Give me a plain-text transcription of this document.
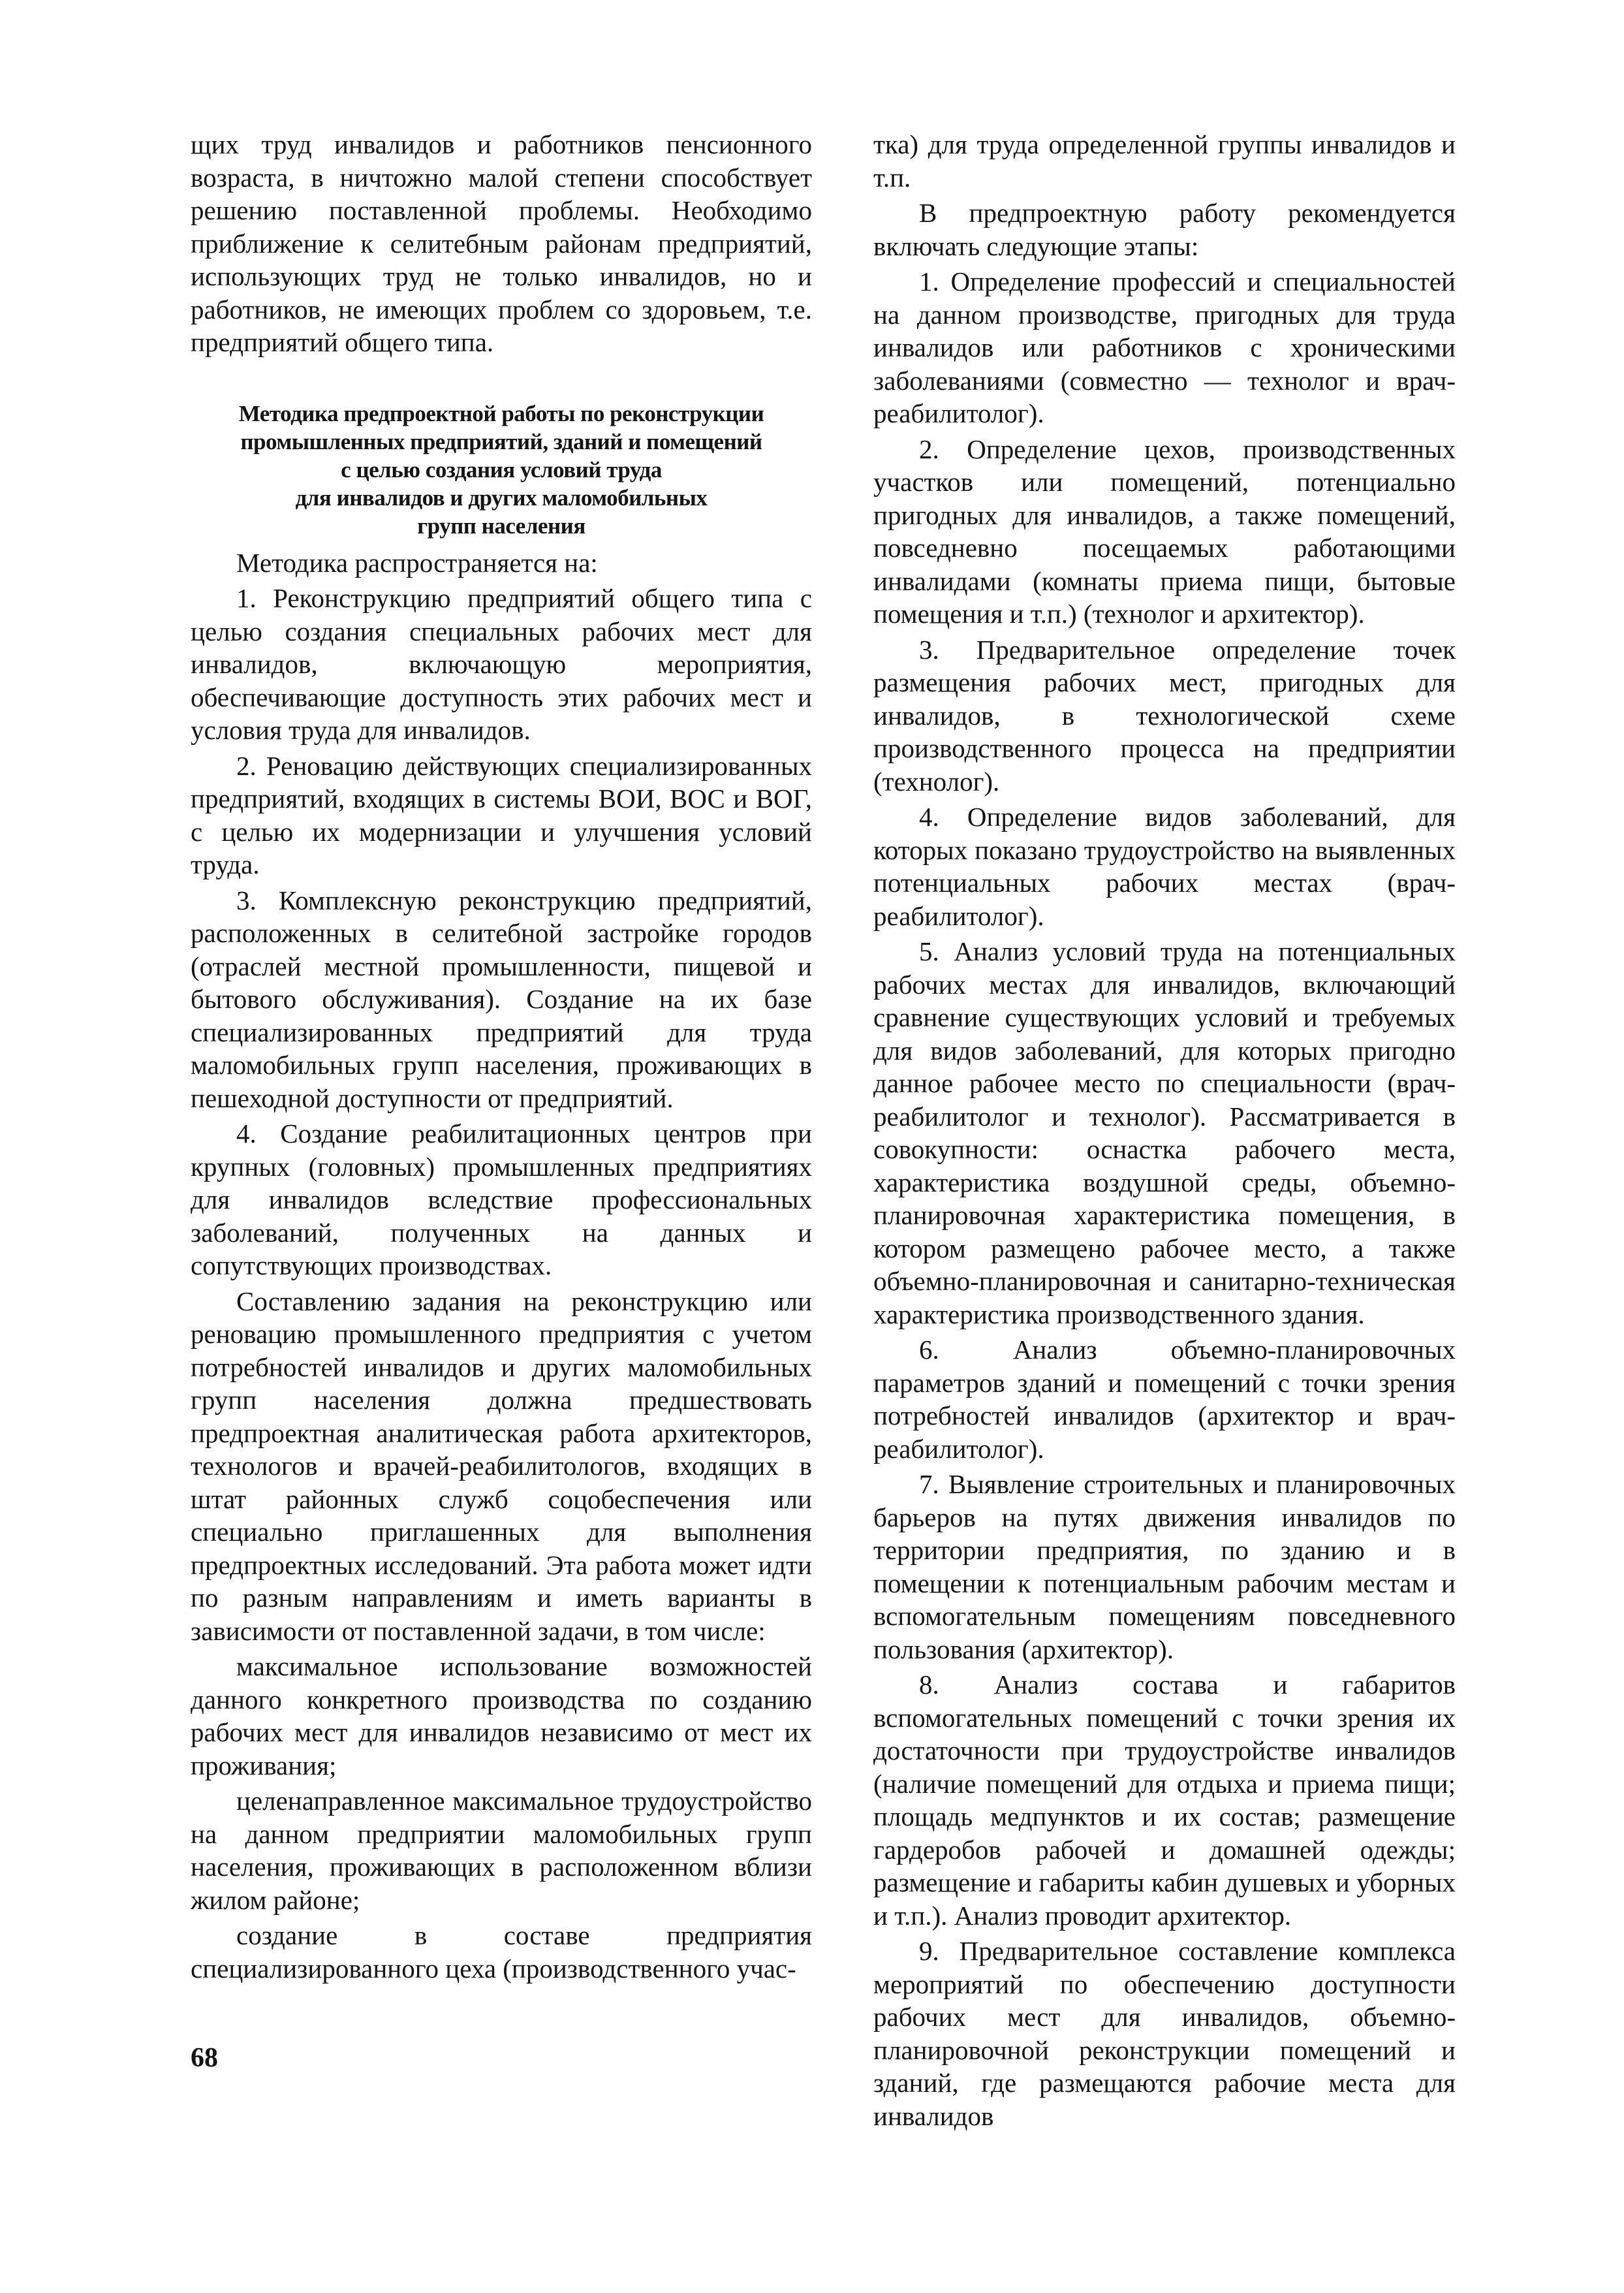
щих труд инвалидов и работников пенсионного возраста, в ничтожно малой степени способствует решению поставленной проблемы. Необходимо приближение к селитебным районам предприятий, использующих труд не только инвалидов, но и работников, не имеющих проблем со здоровьем, т.е. предприятий общего типа.

Методика предпроектной работы по реконструкции
промышленных предприятий, зданий и помещений
с целью создания условий труда
для инвалидов и других маломобильных
групп населения

Методика распространяется на:

1. Реконструкцию предприятий общего типа с целью создания специальных рабочих мест для инвалидов, включающую мероприятия, обеспечивающие доступность этих рабочих мест и условия труда для инвалидов.

2. Реновацию действующих специализированных предприятий, входящих в системы ВОИ, ВОС и ВОГ, с целью их модернизации и улучшения условий труда.

3. Комплексную реконструкцию предприятий, расположенных в селитебной застройке городов (отраслей местной промышленности, пищевой и бытового обслуживания). Создание на их базе специализированных предприятий для труда маломобильных групп населения, проживающих в пешеходной доступности от предприятий.

4. Создание реабилитационных центров при крупных (головных) промышленных предприятиях для инвалидов вследствие профессиональных заболеваний, полученных на данных и сопутствующих производствах.

Составлению задания на реконструкцию или реновацию промышленного предприятия с учетом потребностей инвалидов и других маломобильных групп населения должна предшествовать предпроектная аналитическая работа архитекторов, технологов и врачей-реабилитологов, входящих в штат районных служб соцобеспечения или специально приглашенных для выполнения предпроектных исследований. Эта работа может идти по разным направлениям и иметь варианты в зависимости от поставленной задачи, в том числе:

максимальное использование возможностей данного конкретного производства по созданию рабочих мест для инвалидов независимо от мест их проживания;

целенаправленное максимальное трудоустройство на данном предприятии маломобильных групп населения, проживающих в расположенном вблизи жилом районе;

создание в составе предприятия специализированного цеха (производственного учас-

тка) для труда определенной группы инвалидов и т.п.

В предпроектную работу рекомендуется включать следующие этапы:

1. Определение профессий и специальностей на данном производстве, пригодных для труда инвалидов или работников с хроническими заболеваниями (совместно — технолог и врач-реабилитолог).

2. Определение цехов, производственных участков или помещений, потенциально пригодных для инвалидов, а также помещений, повседневно посещаемых работающими инвалидами (комнаты приема пищи, бытовые помещения и т.п.) (технолог и архитектор).

3. Предварительное определение точек размещения рабочих мест, пригодных для инвалидов, в технологической схеме производственного процесса на предприятии (технолог).

4. Определение видов заболеваний, для которых показано трудоустройство на выявленных потенциальных рабочих местах (врач-реабилитолог).

5. Анализ условий труда на потенциальных рабочих местах для инвалидов, включающий сравнение существующих условий и требуемых для видов заболеваний, для которых пригодно данное рабочее место по специальности (врач-реабилитолог и технолог). Рассматривается в совокупности: оснастка рабочего места, характеристика воздушной среды, объемно-планировочная характеристика помещения, в котором размещено рабочее место, а также объемно-планировочная и санитарно-техническая характеристика производственного здания.

6. Анализ объемно-планировочных параметров зданий и помещений с точки зрения потребностей инвалидов (архитектор и врач-реабилитолог).

7. Выявление строительных и планировочных барьеров на путях движения инвалидов по территории предприятия, по зданию и в помещении к потенциальным рабочим местам и вспомогательным помещениям повседневного пользования (архитектор).

8. Анализ состава и габаритов вспомогательных помещений с точки зрения их достаточности при трудоустройстве инвалидов (наличие помещений для отдыха и приема пищи; площадь медпунктов и их состав; размещение гардеробов рабочей и домашней одежды; размещение и габариты кабин душевых и уборных и т.п.). Анализ проводит архитектор.

9. Предварительное составление комплекса мероприятий по обеспечению доступности рабочих мест для инвалидов, объемно-планировочной реконструкции помещений и зданий, где размещаются рабочие места для инвалидов

68
